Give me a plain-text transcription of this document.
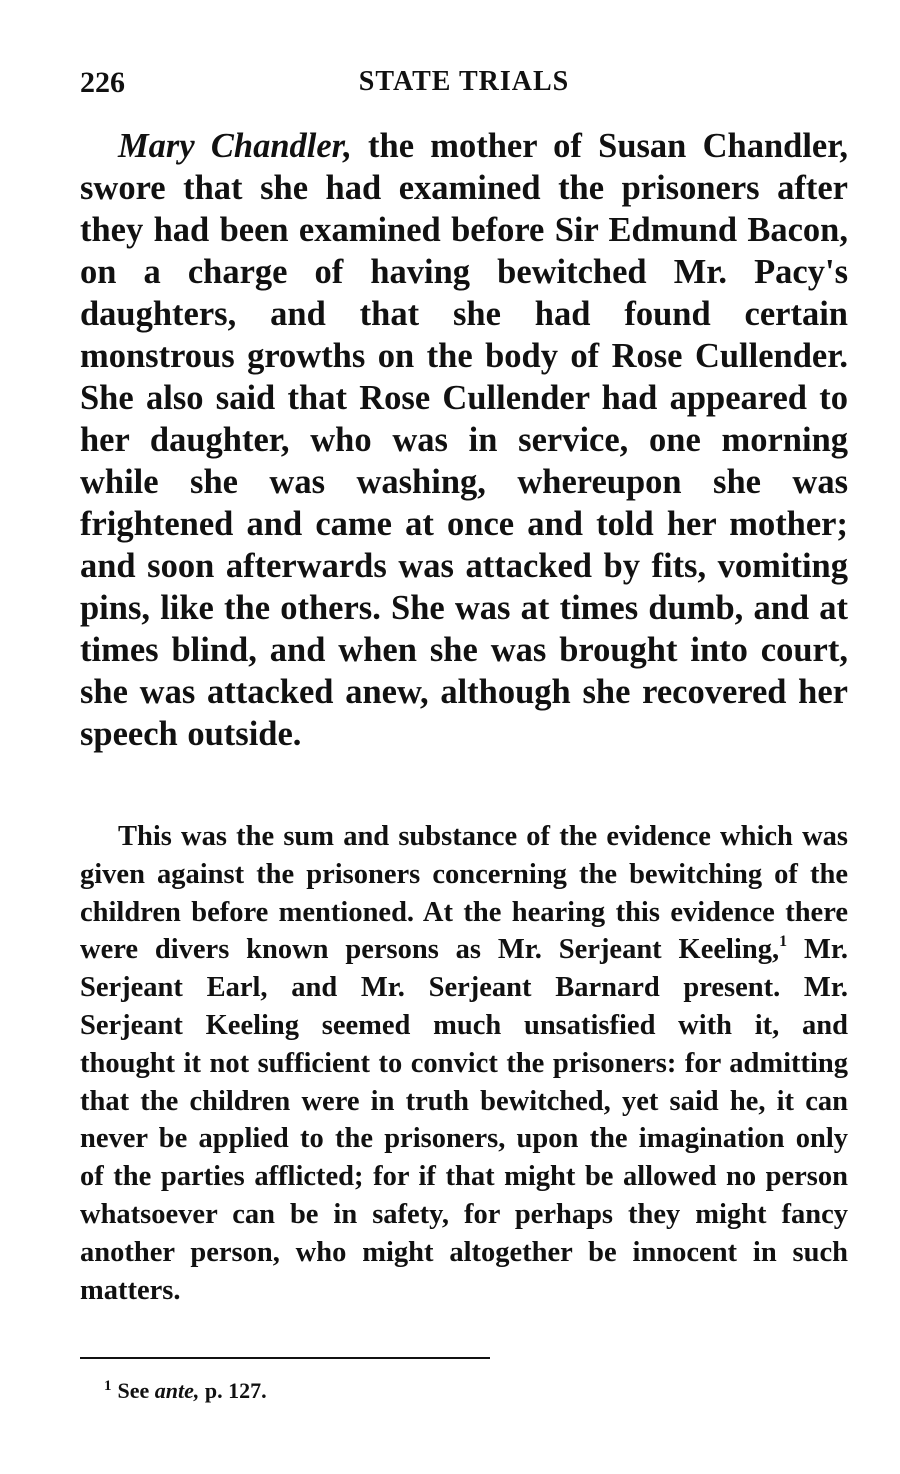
226	STATE TRIALS

Mary Chandler, the mother of Susan Chandler, swore that she had examined the prisoners after they had been examined before Sir Edmund Bacon, on a charge of having bewitched Mr. Pacy's daughters, and that she had found certain monstrous growths on the body of Rose Cullender. She also said that Rose Cullender had appeared to her daughter, who was in service, one morning while she was washing, whereupon she was frightened and came at once and told her mother; and soon afterwards was attacked by fits, vomiting pins, like the others. She was at times dumb, and at times blind, and when she was brought into court, she was attacked anew, although she recovered her speech outside.

This was the sum and substance of the evidence which was given against the prisoners concerning the bewitching of the children before mentioned. At the hearing this evidence there were divers known persons as Mr. Serjeant Keeling,$^1$ Mr. Serjeant Earl, and Mr. Serjeant Barnard present. Mr. Serjeant Keeling seemed much unsatisfied with it, and thought it not sufficient to convict the prisoners: for admitting that the children were in truth bewitched, yet said he, it can never be applied to the prisoners, upon the imagination only of the parties afflicted; for if that might be allowed no person whatsoever can be in safety, for perhaps they might fancy another person, who might altogether be innocent in such matters.

$^1$ See ante, p. 127.
